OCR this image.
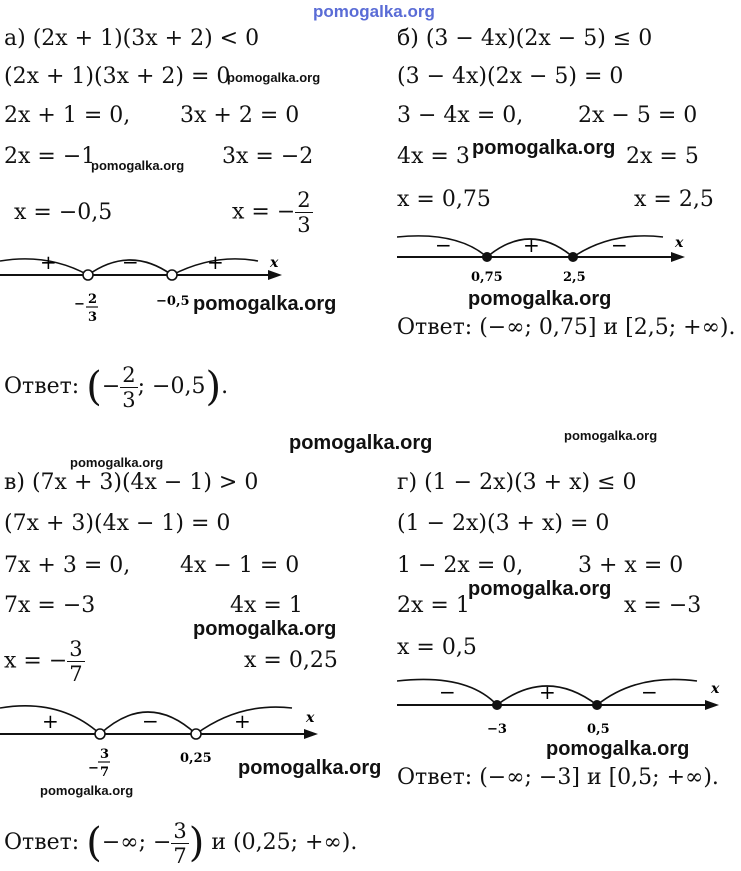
pomogalka.org
а) (2x + 1)(3x + 2) < 0
(2x + 1)(3x + 2) = 0
2x + 1 = 0, 3x + 2 = 0
2x = −1	3x = −2
x = −0,5	x = − $\frac{2}{3}$
+	−	+	x
− 2
3
−0,5 pomogalka.org
Ответ: (− $\frac{2}{3}$ ; −0,5).
б) (3 − 4x)(2x − 5) ≤ 0
(3 − 4x)(2x − 5) = 0
3 − 4x = 0, 2x − 5 = 0
4x = 3	2x = 5
x = 0,75	x = 2,5
−	+	−	x
0,75	2,5
pomogalka.org
Ответ: (−∞; 0,75] и [2,5; +∞).
pomogalka.org
pomogalka.org
pomogalka.org
pomogalka.org	pomogalka.org
pomogalka.org
в) (7x + 3)(4x − 1) > 0
(7x + 3)(4x − 1) = 0
7x + 3 = 0, 4x − 1 = 0
7x = −3	4x = 1
x = − $\frac{3}{7}$	x = 0,25
pomogalka.org
+	−	+	x
−
3
7
0,25 pomogalka.org
pomogalka.org
Ответ: (−∞; − $\frac{3}{7}$ ) и (0,25; +∞).
г) (1 − 2x)(3 + x) ≤ 0
(1 − 2x)(3 + x) = 0
1 − 2x = 0, 3 + x = 0
2x = 1	x = −3
pomogalka.org
x = 0,5
−	+	−	x
−3	0,5
pomogalka.org
Ответ: (−∞; −3] и [0,5; +∞).
